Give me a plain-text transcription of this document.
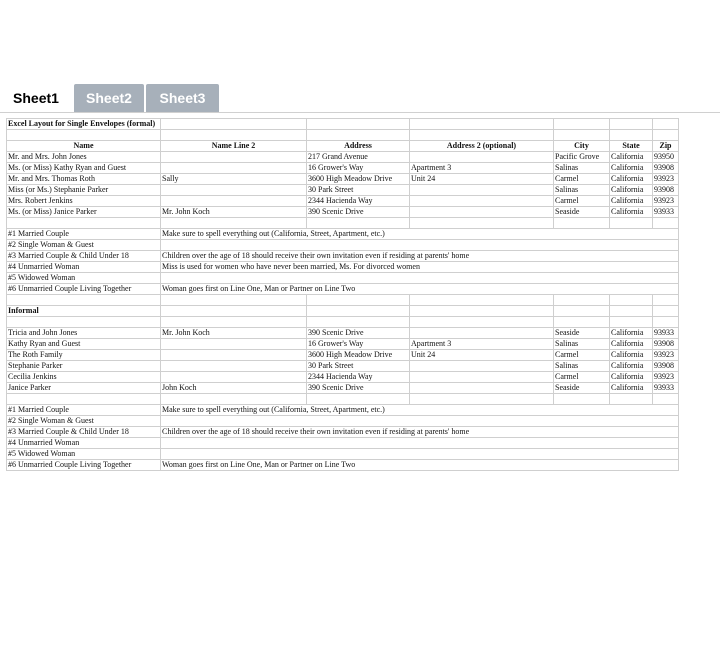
Sheet1	Sheet2	Sheet3
Excel Layout for Single Envelopes (formal)						

Name	Name Line 2	Address	Address 2 (optional)	City	State	Zip
Mr. and Mrs. John Jones		217 Grand Avenue		Pacific Grove	California	93950
Ms. (or Miss) Kathy Ryan and Guest		16 Grower's Way	Apartment 3	Salinas	California	93908
Mr. and Mrs. Thomas Roth	Sally	3600 High Meadow Drive	Unit 24	Carmel	California	93923
Miss (or Ms.) Stephanie Parker		30 Park Street		Salinas	California	93908
Mrs. Robert Jenkins		2344 Hacienda Way		Carmel	California	93923
Ms. (or Miss) Janice Parker	Mr. John Koch	390 Scenic Drive		Seaside	California	93933

#1 Married Couple	Make sure to spell everything out (California, Street, Apartment, etc.)					
#2 Single Woman & Guest						
#3 Married Couple & Child Under 18	Children over the age of 18 should receive their own invitation even if residing at parents' home					
#4 Unmarried Woman	Miss is used for women who have never been married, Ms. For divorced women					
#5 Widowed Woman						
#6 Unmarried Couple Living Together	Woman goes first on Line One, Man or Partner on Line Two					

Informal						

Tricia and John Jones	Mr. John Koch	390 Scenic Drive		Seaside	California	93933
Kathy Ryan and Guest		16 Grower's Way	Apartment 3	Salinas	California	93908
The Roth Family		3600 High Meadow Drive	Unit 24	Carmel	California	93923
Stephanie Parker		30 Park Street		Salinas	California	93908
Cecilia Jenkins		2344 Hacienda Way		Carmel	California	93923
Janice Parker	John Koch	390 Scenic Drive		Seaside	California	93933

#1 Married Couple	Make sure to spell everything out (California, Street, Apartment, etc.)					
#2 Single Woman & Guest						
#3 Married Couple & Child Under 18	Children over the age of 18 should receive their own invitation even if residing at parents' home					
#4 Unmarried Woman						
#5 Widowed Woman						
#6 Unmarried Couple Living Together	Woman goes first on Line One, Man or Partner on Line Two					
